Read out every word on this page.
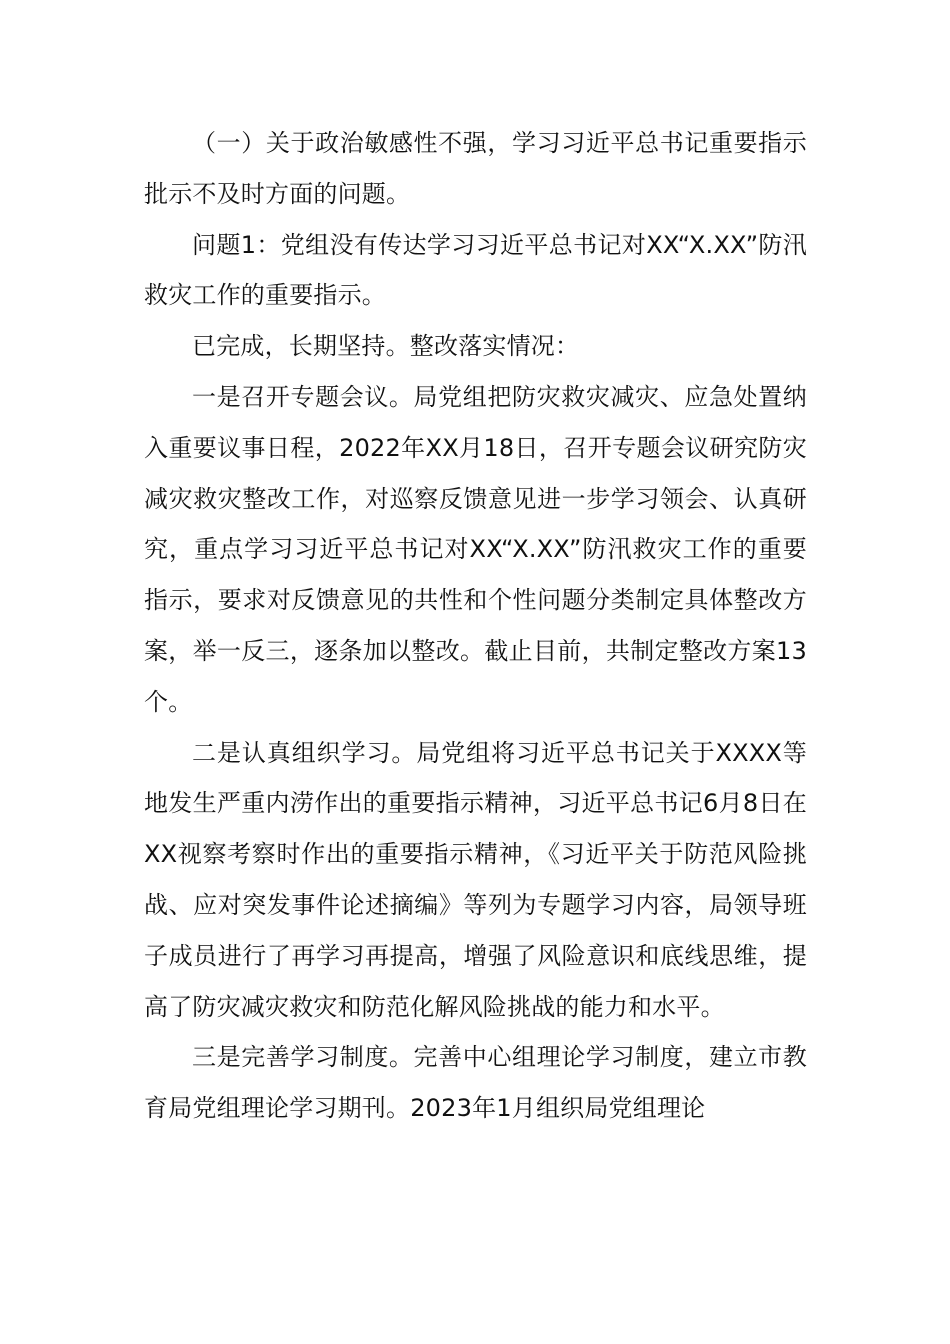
（一）关于政治敏感性不强，学习习近平总书记重要指示批示不及时方面的问题。

问题1：党组没有传达学习习近平总书记对XX“X.XX”防汛救灾工作的重要指示。

已完成，长期坚持。整改落实情况：

一是召开专题会议。局党组把防灾救灾减灾、应急处置纳入重要议事日程，2022年XX月18日，召开专题会议研究防灾减灾救灾整改工作，对巡察反馈意见进一步学习领会、认真研究，重点学习习近平总书记对XX“X.XX”防汛救灾工作的重要指示，要求对反馈意见的共性和个性问题分类制定具体整改方案，举一反三，逐条加以整改。截止目前，共制定整改方案13个。

二是认真组织学习。局党组将习近平总书记关于XXXX等地发生严重内涝作出的重要指示精神，习近平总书记6月8日在XX视察考察时作出的重要指示精神，《习近平关于防范风险挑战、应对突发事件论述摘编》等列为专题学习内容，局领导班子成员进行了再学习再提高，增强了风险意识和底线思维，提高了防灾减灾救灾和防范化解风险挑战的能力和水平。

三是完善学习制度。完善中心组理论学习制度，建立市教育局党组理论学习期刊。2023年1月组织局党组理论
